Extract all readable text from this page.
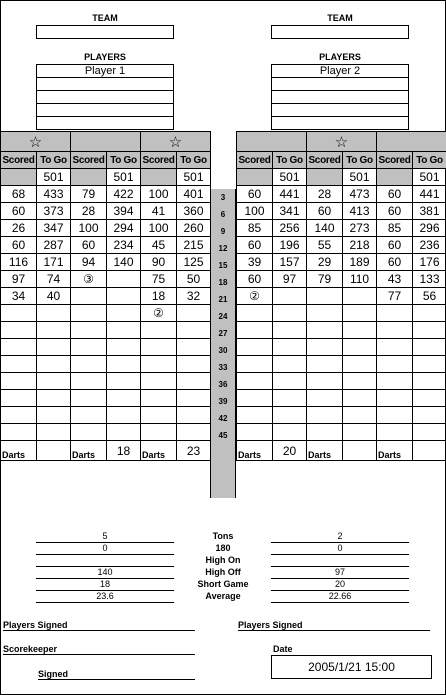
TEAM
PLAYERS
Player 1
TEAM
PLAYERS
Player 2
☆				☆	
Scored	To Go	Scored	To Go	Scored	To Go
	501		501		501
68	433	79	422	100	401
60	373	28	394	41	360
26	347	100	294	100	260
60	287	60	234	45	215
116	171	94	140	90	125
97	74	③		75	50
34	40			18	32
				②	

Darts		Darts	18	Darts	23
3
6
9
12
15
18
21
24
27
30
33
36
39
42
45
		☆			
Scored	To Go	Scored	To Go	Scored	To Go
	501		501		501
60	441	28	473	60	441
100	341	60	413	60	381
85	256	140	273	85	296
60	196	55	218	60	236
39	157	29	189	60	176
60	97	79	110	43	133
②				77	56

Darts	20	Darts		Darts	
Tons
5	2
180
0	0
High On
High Off
140	97
Short Game
18	20
Average
23.6	22.66
Players Signed	Players Signed
Scorekeeper
Signed
Date
2005/1/21 15:00
